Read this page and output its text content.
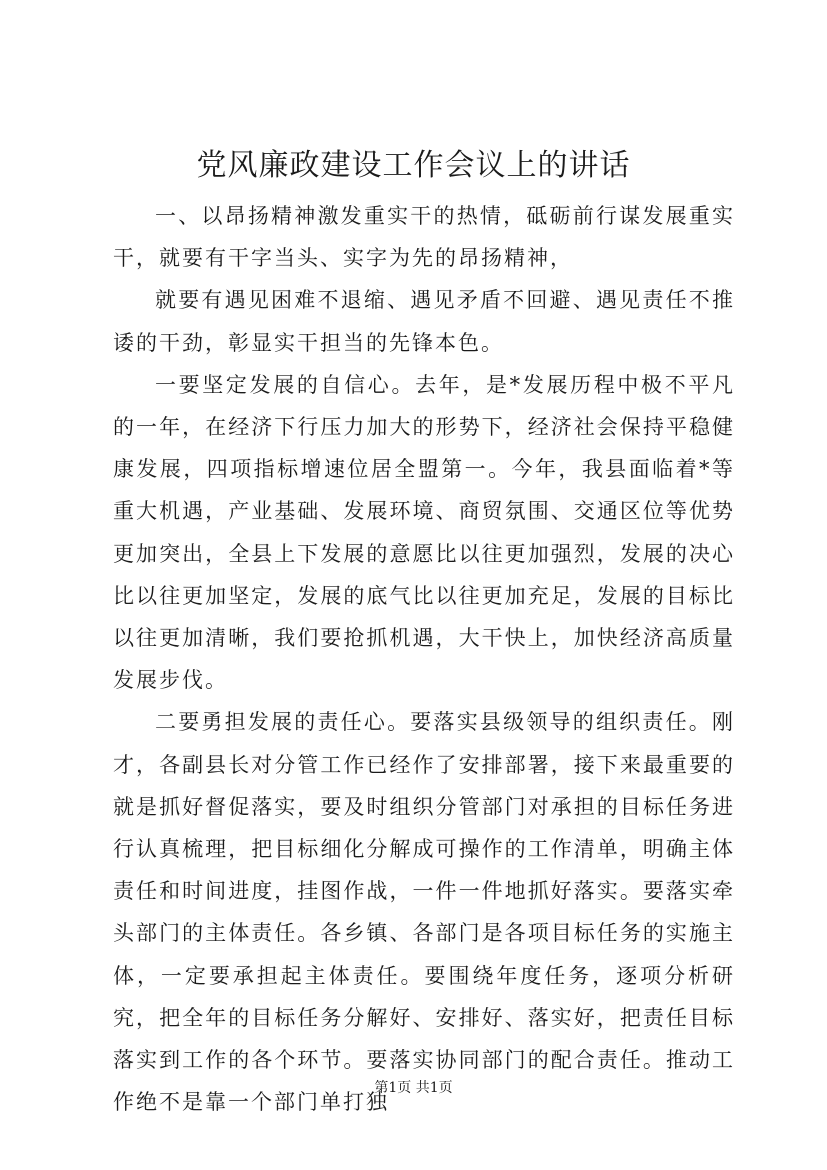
党风廉政建设工作会议上的讲话

一、以昂扬精神激发重实干的热情，砥砺前行谋发展重实干，就要有干字当头、实字为先的昂扬精神，

就要有遇见困难不退缩、遇见矛盾不回避、遇见责任不推诿的干劲，彰显实干担当的先锋本色。

一要坚定发展的自信心。去年，是*发展历程中极不平凡的一年，在经济下行压力加大的形势下，经济社会保持平稳健康发展，四项指标增速位居全盟第一。今年，我县面临着*等重大机遇，产业基础、发展环境、商贸氛围、交通区位等优势更加突出，全县上下发展的意愿比以往更加强烈，发展的决心比以往更加坚定，发展的底气比以往更加充足，发展的目标比以往更加清晰，我们要抢抓机遇，大干快上，加快经济高质量发展步伐。

二要勇担发展的责任心。要落实县级领导的组织责任。刚才，各副县长对分管工作已经作了安排部署，接下来最重要的就是抓好督促落实，要及时组织分管部门对承担的目标任务进行认真梳理，把目标细化分解成可操作的工作清单，明确主体责任和时间进度，挂图作战，一件一件地抓好落实。要落实牵头部门的主体责任。各乡镇、各部门是各项目标任务的实施主体，一定要承担起主体责任。要围绕年度任务，逐项分析研究，把全年的目标任务分解好、安排好、落实好，把责任目标落实到工作的各个环节。要落实协同部门的配合责任。推动工作绝不是靠一个部门单打独

第1页 共1页
